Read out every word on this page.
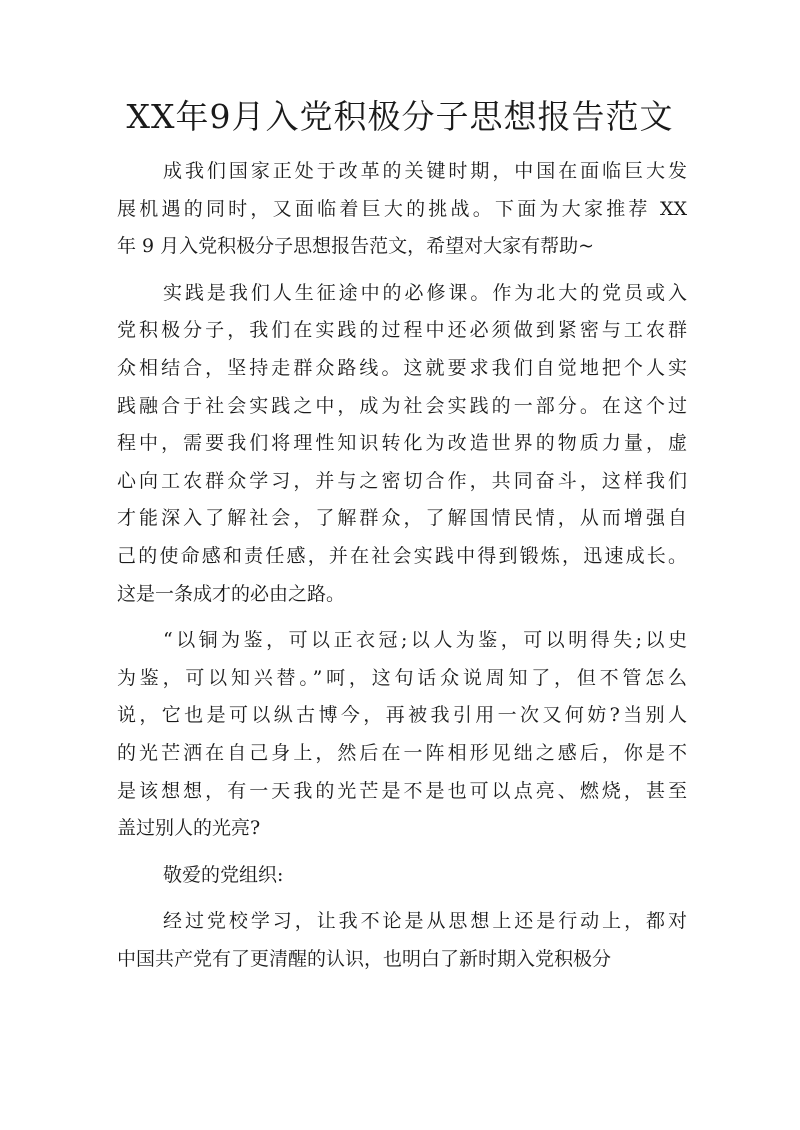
XX年9月入党积极分子思想报告范文
成我们国家正处于改革的关键时期，中国在面临巨大发
展机遇的同时，又面临着巨大的挑战。下面为大家推荐 XX
年 9 月入党积极分子思想报告范文，希望对大家有帮助~
实践是我们人生征途中的必修课。作为北大的党员或入
党积极分子，我们在实践的过程中还必须做到紧密与工农群
众相结合，坚持走群众路线。这就要求我们自觉地把个人实
践融合于社会实践之中，成为社会实践的一部分。在这个过
程中，需要我们将理性知识转化为改造世界的物质力量，虚
心向工农群众学习，并与之密切合作，共同奋斗，这样我们
才能深入了解社会，了解群众，了解国情民情，从而增强自
己的使命感和责任感，并在社会实践中得到锻炼，迅速成长。
这是一条成才的必由之路。
“以铜为鉴，可以正衣冠;以人为鉴，可以明得失;以史
为鉴，可以知兴替。”呵，这句话众说周知了，但不管怎么
说，它也是可以纵古博今，再被我引用一次又何妨?当别人
的光芒洒在自己身上，然后在一阵相形见绌之感后，你是不
是该想想，有一天我的光芒是不是也可以点亮、燃烧，甚至
盖过别人的光亮?
敬爱的党组织:
经过党校学习，让我不论是从思想上还是行动上，都对
中国共产党有了更清醒的认识，也明白了新时期入党积极分
